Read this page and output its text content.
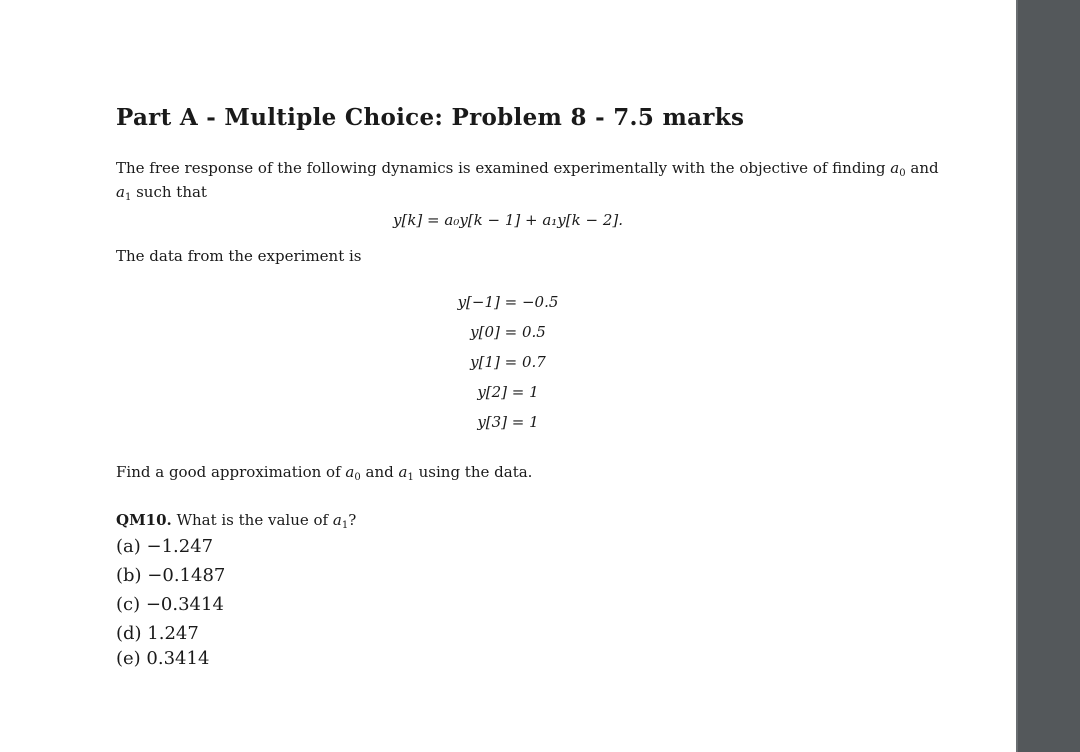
Part A - Multiple Choice: Problem 8 - 7.5 marks

The free response of the following dynamics is examined experimentally with the objective of finding $a_0$ and
$a_1$ such that

y[k] = a₀y[k − 1] + a₁y[k − 2].

The data from the experiment is

y[−1] = −0.5
y[0] = 0.5
y[1] = 0.7
y[2] = 1
y[3] = 1

Find a good approximation of $a_0$ and $a_1$ using the data.

QM10. What is the value of $a_1$?

(a) −1.247
(b) −0.1487
(c) −0.3414
(d) 1.247
(e) 0.3414
